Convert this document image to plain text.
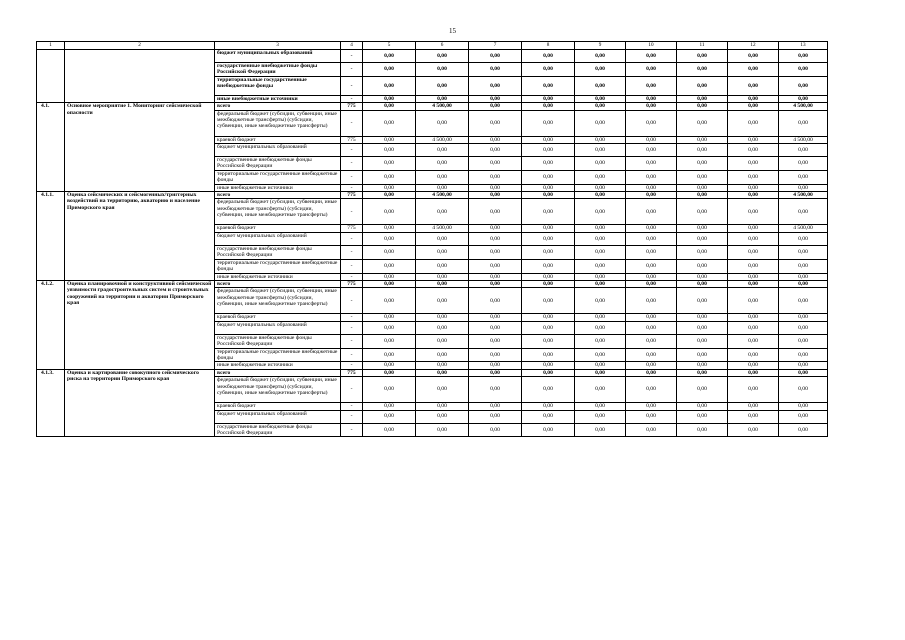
15
1	2	3	4	5	6	7	8	9	10	11	12	13
		бюджет муниципальных образований	-	0,00	0,00	0,00	0,00	0,00	0,00	0,00	0,00	0,00
		государственные внебюджетные фонды Российской Федерации	-	0,00	0,00	0,00	0,00	0,00	0,00	0,00	0,00	0,00
		территориальные государственные внебюджетные фонды	-	0,00	0,00	0,00	0,00	0,00	0,00	0,00	0,00	0,00
		иные внебюджетные источники	-	0,00	0,00	0,00	0,00	0,00	0,00	0,00	0,00	0,00
4.1.	Основное мероприятие 1. Мониторинг сейсмической опасности	всего	775	0,00	4 500,00	0,00	0,00	0,00	0,00	0,00	0,00	4 500,00
		федеральный бюджет (субсидии, субвенции, иные межбюджетные трансферты) (субсидии, субвенции, иные межбюджетные трансферты)	-	0,00	0,00	0,00	0,00	0,00	0,00	0,00	0,00	0,00
		краевой бюджет	775	0,00	4 500,00	0,00	0,00	0,00	0,00	0,00	0,00	4 500,00
		бюджет муниципальных образований	-	0,00	0,00	0,00	0,00	0,00	0,00	0,00	0,00	0,00
		государственные внебюджетные фонды Российской Федерации	-	0,00	0,00	0,00	0,00	0,00	0,00	0,00	0,00	0,00
		территориальные государственные внебюджетные фонды	-	0,00	0,00	0,00	0,00	0,00	0,00	0,00	0,00	0,00
		иные внебюджетные источники	-	0,00	0,00	0,00	0,00	0,00	0,00	0,00	0,00	0,00
4.1.1.	Оценка сейсмических и сейсмогенных/триггерных воздействий на территорию, акваторию и население Приморского края	всего	775	0,00	4 500,00	0,00	0,00	0,00	0,00	0,00	0,00	4 500,00
		федеральный бюджет (субсидии, субвенции, иные межбюджетные трансферты) (субсидии, субвенции, иные межбюджетные трансферты)	-	0,00	0,00	0,00	0,00	0,00	0,00	0,00	0,00	0,00
		краевой бюджет	775	0,00	4 500,00	0,00	0,00	0,00	0,00	0,00	0,00	4 500,00
		бюджет муниципальных образований	-	0,00	0,00	0,00	0,00	0,00	0,00	0,00	0,00	0,00
		государственные внебюджетные фонды Российской Федерации	-	0,00	0,00	0,00	0,00	0,00	0,00	0,00	0,00	0,00
		территориальные государственные внебюджетные фонды	-	0,00	0,00	0,00	0,00	0,00	0,00	0,00	0,00	0,00
		иные внебюджетные источники	-	0,00	0,00	0,00	0,00	0,00	0,00	0,00	0,00	0,00
4.1.2.	Оценка планировочной и конструктивной сейсмической уязвимости градостроительных систем и строительных сооружений на территории и акватории Приморского края	всего	775	0,00	0,00	0,00	0,00	0,00	0,00	0,00	0,00	0,00
		федеральный бюджет (субсидии, субвенции, иные межбюджетные трансферты) (субсидии, субвенции, иные межбюджетные трансферты)	-	0,00	0,00	0,00	0,00	0,00	0,00	0,00	0,00	0,00
		краевой бюджет	-	0,00	0,00	0,00	0,00	0,00	0,00	0,00	0,00	0,00
		бюджет муниципальных образований	-	0,00	0,00	0,00	0,00	0,00	0,00	0,00	0,00	0,00
		государственные внебюджетные фонды Российской Федерации	-	0,00	0,00	0,00	0,00	0,00	0,00	0,00	0,00	0,00
		территориальные государственные внебюджетные фонды	-	0,00	0,00	0,00	0,00	0,00	0,00	0,00	0,00	0,00
		иные внебюджетные источники	-	0,00	0,00	0,00	0,00	0,00	0,00	0,00	0,00	0,00
4.1.3.	Оценка и картирование совокупного сейсмического риска на территории Приморского края	всего	775	0,00	0,00	0,00	0,00	0,00	0,00	0,00	0,00	0,00
		федеральный бюджет (субсидии, субвенции, иные межбюджетные трансферты) (субсидии, субвенции, иные межбюджетные трансферты)	-	0,00	0,00	0,00	0,00	0,00	0,00	0,00	0,00	0,00
		краевой бюджет	-	0,00	0,00	0,00	0,00	0,00	0,00	0,00	0,00	0,00
		бюджет муниципальных образований	-	0,00	0,00	0,00	0,00	0,00	0,00	0,00	0,00	0,00
		государственные внебюджетные фонды Российской Федерации	-	0,00	0,00	0,00	0,00	0,00	0,00	0,00	0,00	0,00
